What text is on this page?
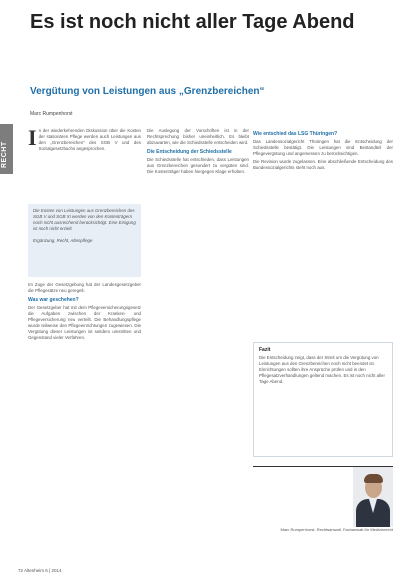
RECHT
Es ist noch nicht aller Tage Abend
Vergütung von Leistungen aus „Grenzbereichen“
Marc Rumpenhorst
I n der wiederkehrenden Diskussion über die Kosten der stationären Pflege werden auch Leistungen aus den „Grenzbereichen“ des SGB V und des Sozialgesetzbuchs angesprochen.

Die Kosten von Leistungen aus Grenzbereichen des SGB V und SGB XI werden von den Kostenträgern noch nicht ausreichend berücksichtigt. Eine Einigung ist noch nicht erzielt.

Ergänzung, Recht, Altenpflege

Im Zuge der Gesetzgebung hat der Landesgesetzgeber die Pflegesätze neu geregelt.

Was war geschehen?

Der Gesetzgeber hat mit dem Pflegeversicherungsgesetz die Aufgaben zwischen der Kranken- und Pflegeversicherung neu verteilt. Die Behandlungspflege wurde teilweise den Pflegeeinrichtungen zugewiesen. Die Vergütung dieser Leistungen ist seitdem umstritten und Gegenstand vieler Verfahren.

Die Auslegung der Vorschriften ist in der Rechtsprechung bisher uneinheitlich. Es bleibt abzuwarten, wie die Schiedsstelle entscheiden wird.

Die Entscheidung der Schiedsstelle

Die Schiedsstelle hat entschieden, dass Leistungen aus Grenzbereichen gesondert zu vergüten sind. Die Kostenträger haben hiergegen Klage erhoben.

Wie entschied das LSG Thüringen?

Das Landessozialgericht Thüringen hat die Entscheidung der Schiedsstelle bestätigt. Die Leistungen sind Bestandteil der Pflegevergütung und angemessen zu berücksichtigen.

Die Revision wurde zugelassen. Eine abschließende Entscheidung des Bundessozialgerichts steht noch aus.

Fazit

Die Entscheidung zeigt, dass der Streit um die Vergütung von Leistungen aus den Grenzbereichen noch nicht beendet ist. Einrichtungen sollten ihre Ansprüche prüfen und in den Pflegesatzverhandlungen geltend machen. Es ist noch nicht aller Tage Abend.

Marc Rumpenhorst, Rechtsanwalt, Fachanwalt für Medizinrecht
72 Altenheim 6 | 2014
